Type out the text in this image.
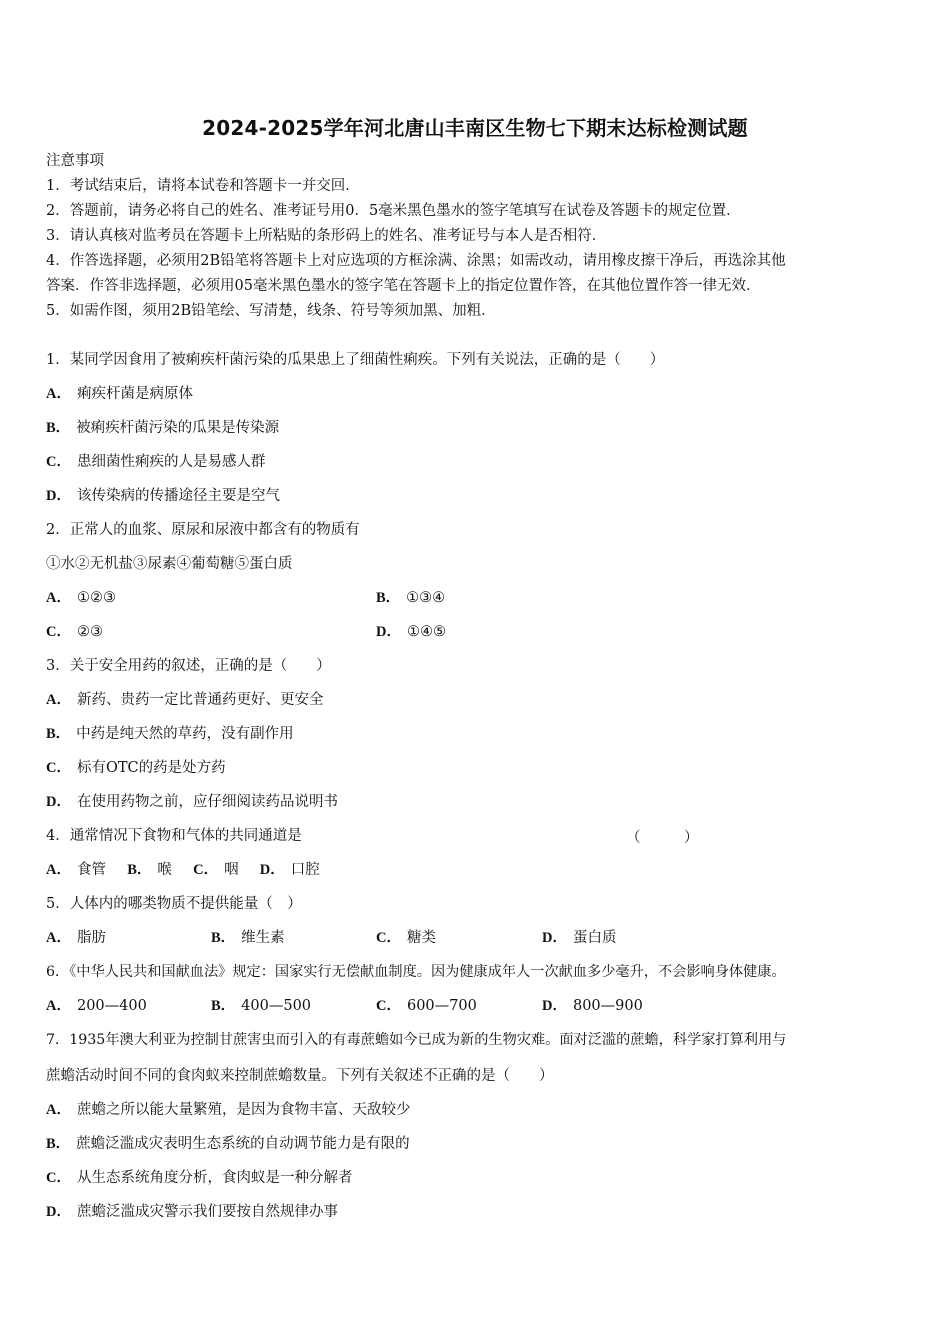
2024-2025学年河北唐山丰南区生物七下期末达标检测试题
注意事项
1．考试结束后，请将本试卷和答题卡一并交回．
2．答题前，请务必将自己的姓名、准考证号用0．5毫米黑色墨水的签字笔填写在试卷及答题卡的规定位置．
3．请认真核对监考员在答题卡上所粘贴的条形码上的姓名、准考证号与本人是否相符．
4．作答选择题，必须用2B铅笔将答题卡上对应选项的方框涂满、涂黑；如需改动，请用橡皮擦干净后，再选涂其他
答案．作答非选择题，必须用05毫米黑色墨水的签字笔在答题卡上的指定位置作答，在其他位置作答一律无效．
5．如需作图，须用2B铅笔绘、写清楚，线条、符号等须加黑、加粗．
1．某同学因食用了被痢疾杆菌污染的瓜果患上了细菌性痢疾。下列有关说法，正确的是（　　）
A． 痢疾杆菌是病原体
B． 被痢疾杆菌污染的瓜果是传染源
C． 患细菌性痢疾的人是易感人群
D． 该传染病的传播途径主要是空气
2．正常人的血浆、原尿和尿液中都含有的物质有
①水②无机盐③尿素④葡萄糖⑤蛋白质
A． ①②③	B． ①③④
C． ②③	D． ①④⑤
3．关于安全用药的叙述，正确的是（　　）
A． 新药、贵药一定比普通药更好、更安全
B． 中药是纯天然的草药，没有副作用
C． 标有OTC的药是处方药
D． 在使用药物之前，应仔细阅读药品说明书
4．通常情况下食物和气体的共同通道是	（　　　）
A． 食管 B． 喉 C． 咽 D． 口腔
5．人体内的哪类物质不提供能量（　）
A． 脂肪	B． 维生素	C． 糖类	D． 蛋白质
6．《中华人民共和国献血法》规定：国家实行无偿献血制度。因为健康成年人一次献血多少毫升，不会影响身体健康。
A． 200—400	B． 400—500	C． 600—700	D． 800—900
7．1935年澳大利亚为控制甘蔗害虫而引入的有毒蔗蟾如今已成为新的生物灾难。面对泛滥的蔗蟾，科学家打算利用与
蔗蟾活动时间不同的食肉蚁来控制蔗蟾数量。下列有关叙述不正确的是（　　）
A． 蔗蟾之所以能大量繁殖，是因为食物丰富、天敌较少
B． 蔗蟾泛滥成灾表明生态系统的自动调节能力是有限的
C． 从生态系统角度分析，食肉蚁是一种分解者
D． 蔗蟾泛滥成灾警示我们要按自然规律办事
